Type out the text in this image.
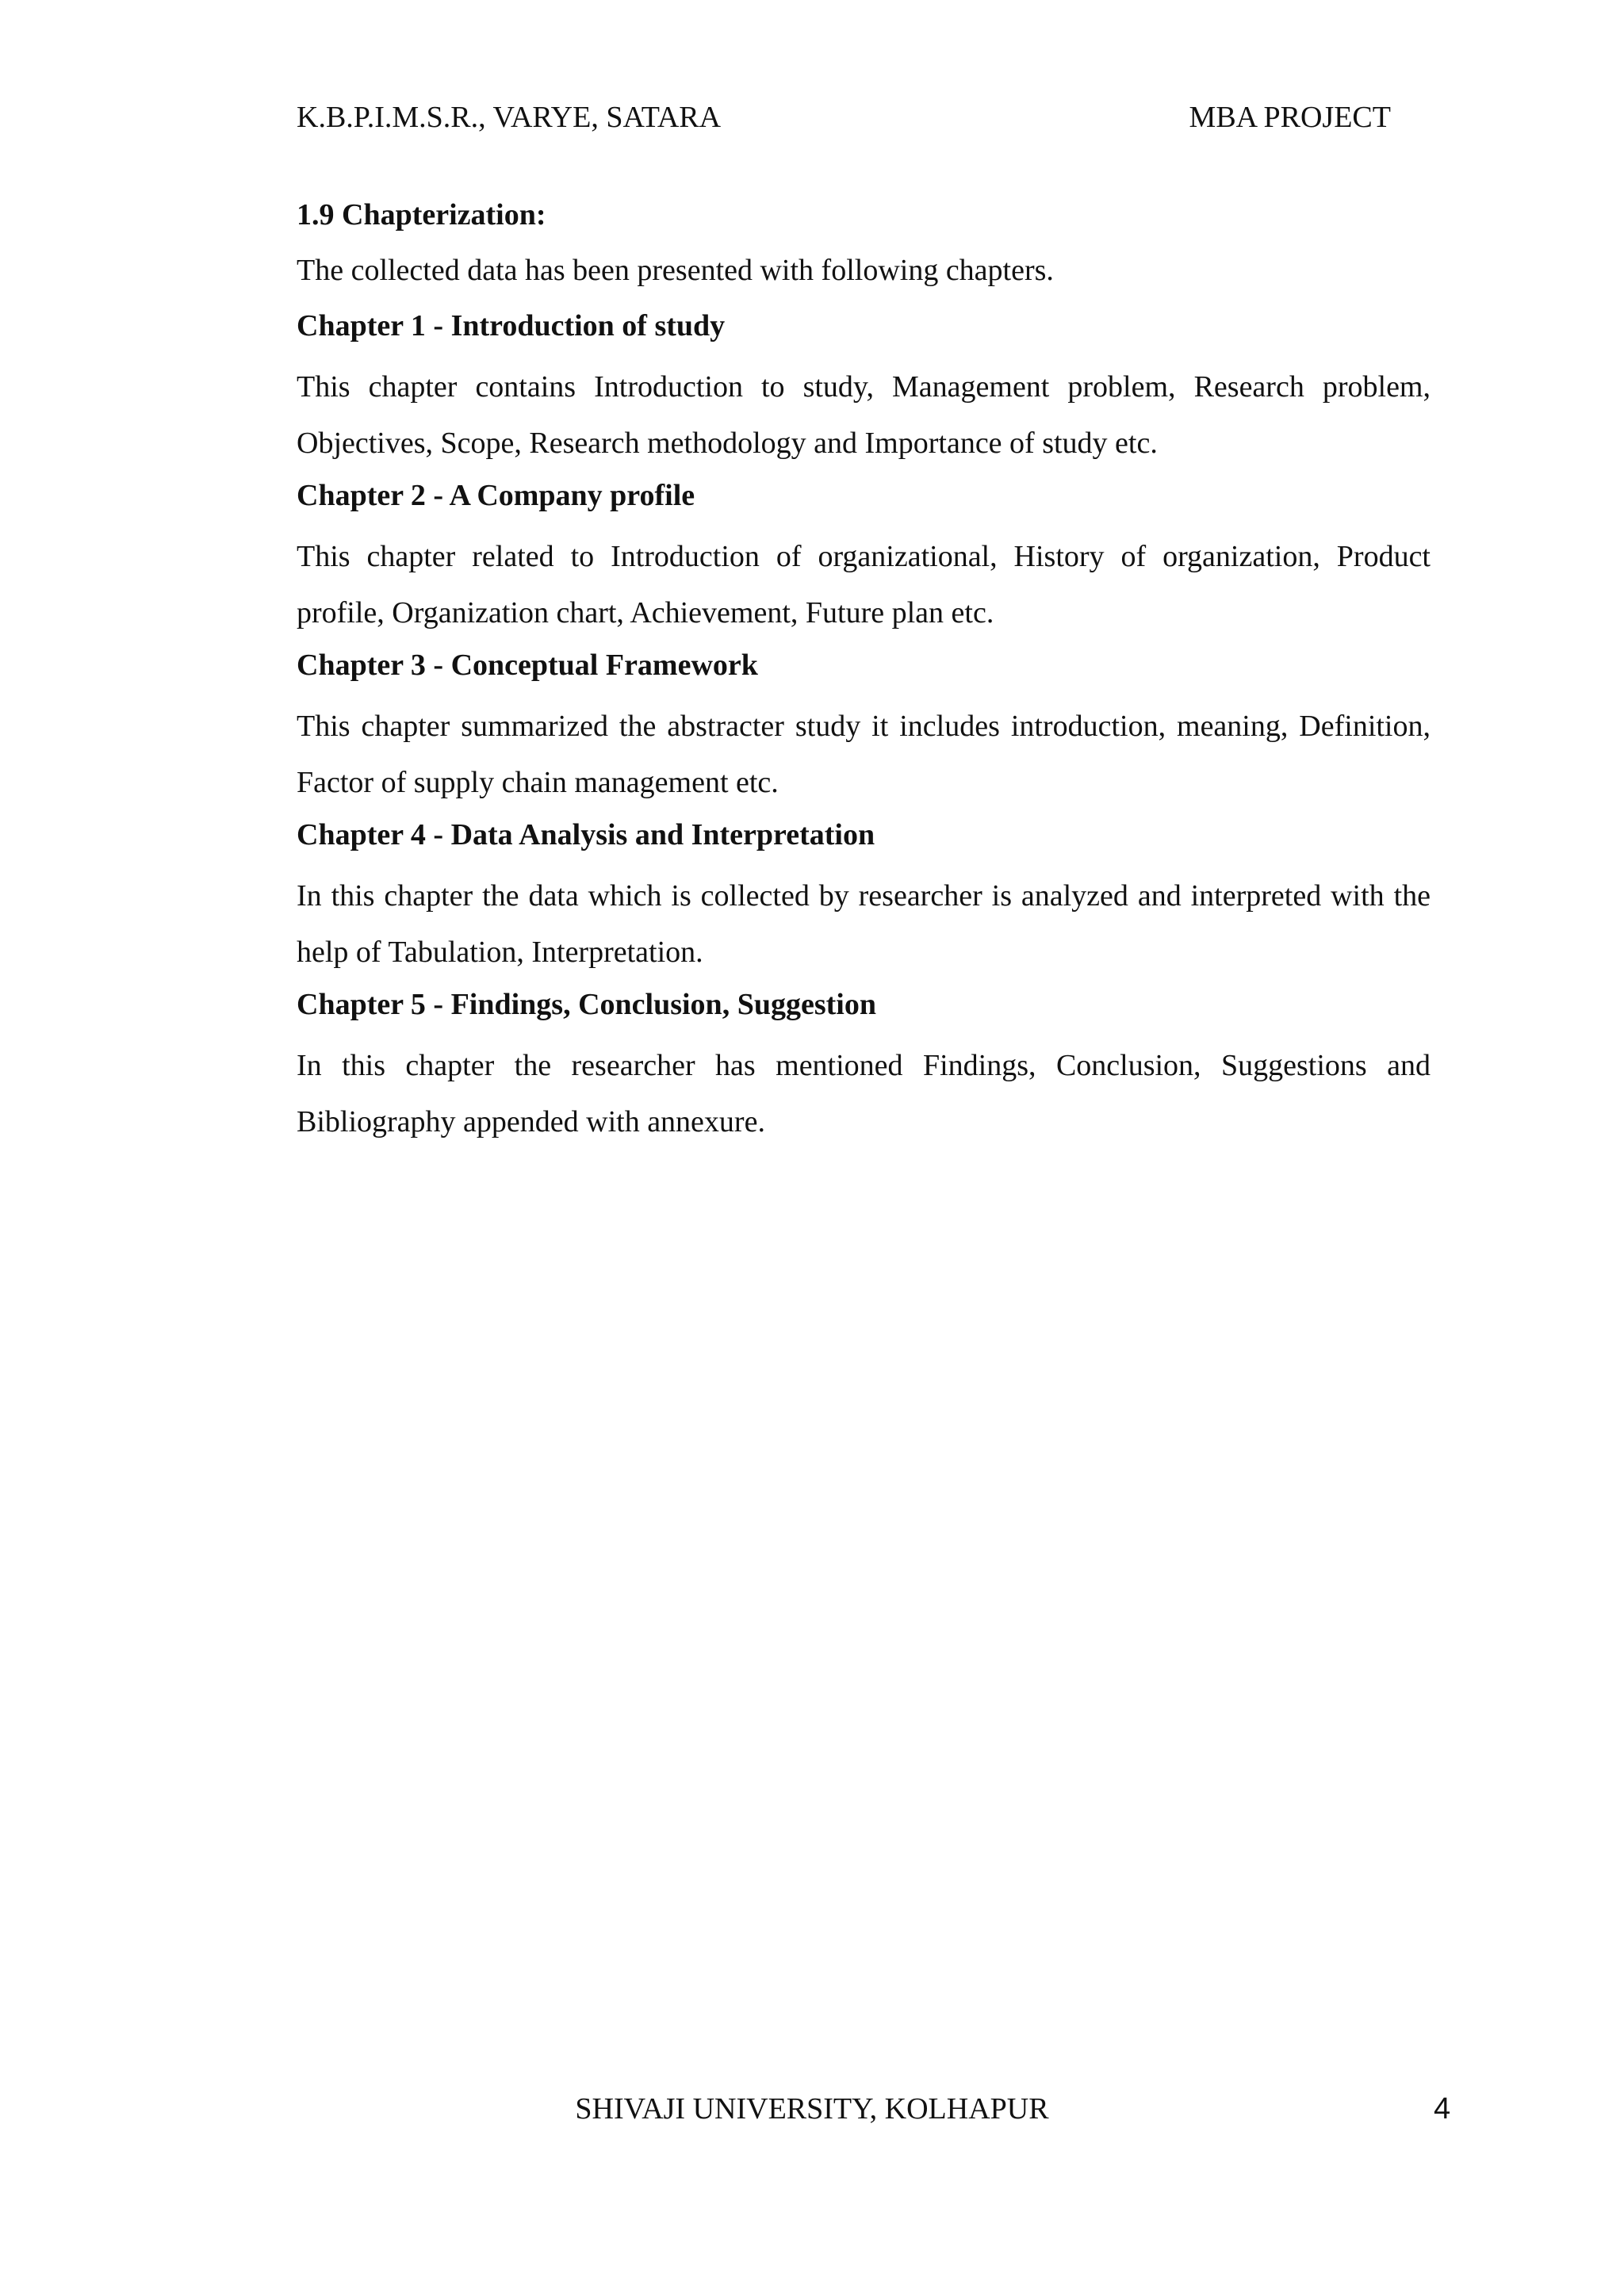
K.B.P.I.M.S.R., VARYE, SATARA	MBA PROJECT
1.9 Chapterization:

The collected data has been presented with following chapters.

Chapter 1 - Introduction of study

This chapter contains Introduction to study, Management problem, Research problem, Objectives, Scope, Research methodology and Importance of study etc.

Chapter 2 - A Company profile

This chapter related to Introduction of organizational, History of organization, Product profile, Organization chart, Achievement, Future plan etc.

Chapter 3 - Conceptual Framework

This chapter summarized the abstracter study it includes introduction, meaning, Definition, Factor of supply chain management etc.

Chapter 4 - Data Analysis and Interpretation

In this chapter the data which is collected by researcher is analyzed and interpreted with the help of Tabulation, Interpretation.

Chapter 5 - Findings, Conclusion, Suggestion

In this chapter the researcher has mentioned Findings, Conclusion, Suggestions and Bibliography appended with annexure.

SHIVAJI UNIVERSITY, KOLHAPUR	4
